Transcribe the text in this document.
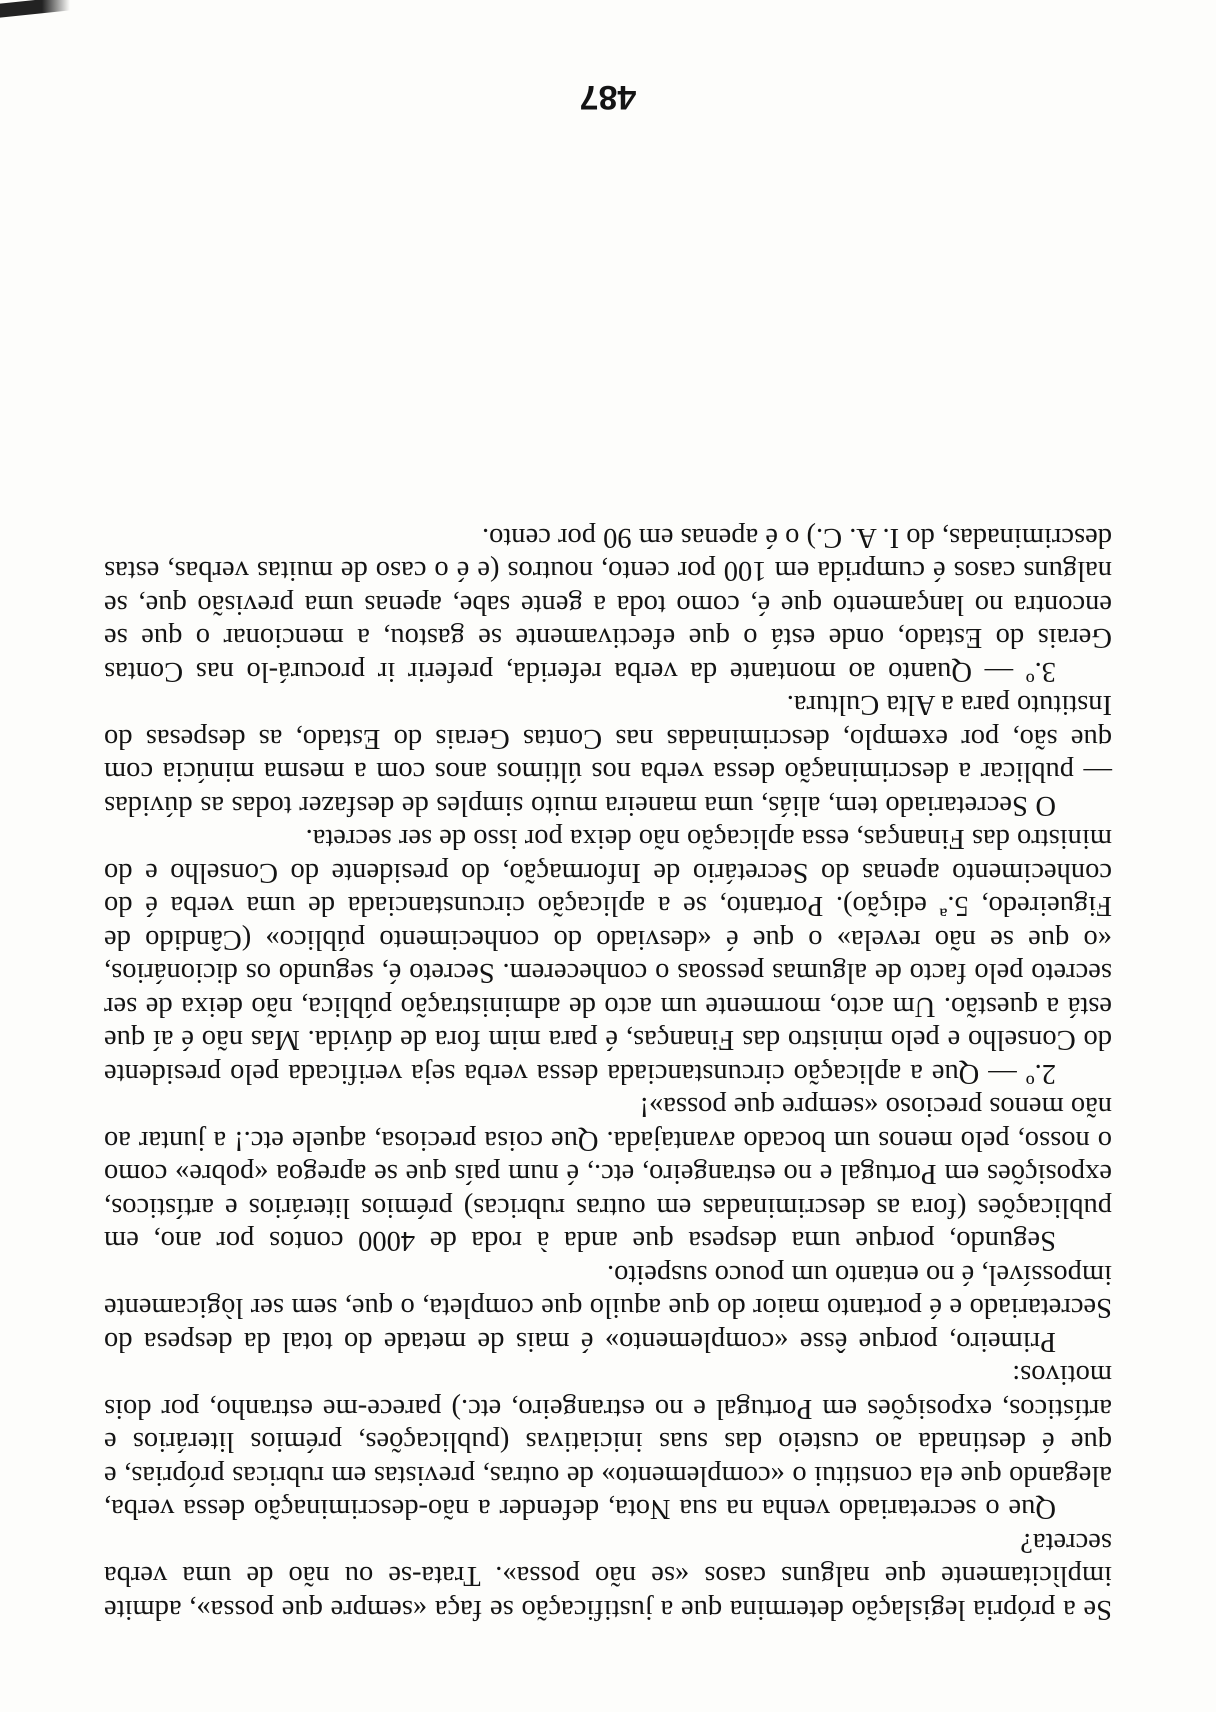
Se a própria legislação determina que a justificação se faça «sempre que possa», admite implìcitamente que nalguns casos «se não possa». Trata-se ou não de uma verba secreta?

Que o secretariado venha na sua Nota, defender a não-descriminação dessa verba, alegando que ela constitui o «complemento» de outras, previstas em rubricas próprias, e que é destinada ao custeio das suas iniciativas (publicações, prémios literários e artísticos, exposições em Portugal e no estrangeiro, etc.) parece-me estranho, por dois motivos:

Primeiro, porque êsse «complemento» é mais de metade do total da despesa do Secretariado e é portanto maior do que aquilo que completa, o que, sem ser lògicamente impossível, é no entanto um pouco suspeito.

Segundo, porque uma despesa que anda à roda de 4000 contos por ano, em publicações (fora as descriminadas em outras rubricas) prémios literários e artísticos, exposições em Portugal e no estrangeiro, etc., é num país que se apregoa «pobre» como o nosso, pelo menos um bocado avantajada. Que coisa preciosa, aquele etc.! a juntar ao não menos precioso «sempre que possa»!

2.º — Que a aplicação circunstanciada dessa verba seja verificada pelo presidente do Conselho e pelo ministro das Finanças, é para mim fora de dúvida. Mas não é aí que está a questão. Um acto, mormente um acto de administração pública, não deixa de ser secreto pelo facto de algumas pessoas o conhecerem. Secreto é, segundo os dicionários, «o que se não revela» o que é «desviado do conhecimento público» (Cândido de Figueiredo, 5.ª edição). Portanto, se a aplicação circunstanciada de uma verba é do conhecimento apenas do Secretário de Informação, do presidente do Conselho e do ministro das Finanças, essa aplicação não deixa por isso de ser secreta.

O Secretariado tem, aliás, uma maneira muito simples de desfazer todas as dúvidas — publicar a descriminação dessa verba nos últimos anos com a mesma minúcia com que são, por exemplo, descriminadas nas Contas Gerais do Estado, as despesas do Instituto para a Alta Cultura.

3.º — Quanto ao montante da verba referida, preferir ir procurá-lo nas Contas Gerais do Estado, onde está o que efectivamente se gastou, a mencionar o que se encontra no lançamento que é, como toda a gente sabe, apenas uma previsão que, se nalguns casos é cumprida em 100 por cento, noutros (e é o caso de muitas verbas, estas descriminadas, do I. A. C.) o é apenas em 90 por cento.

487
